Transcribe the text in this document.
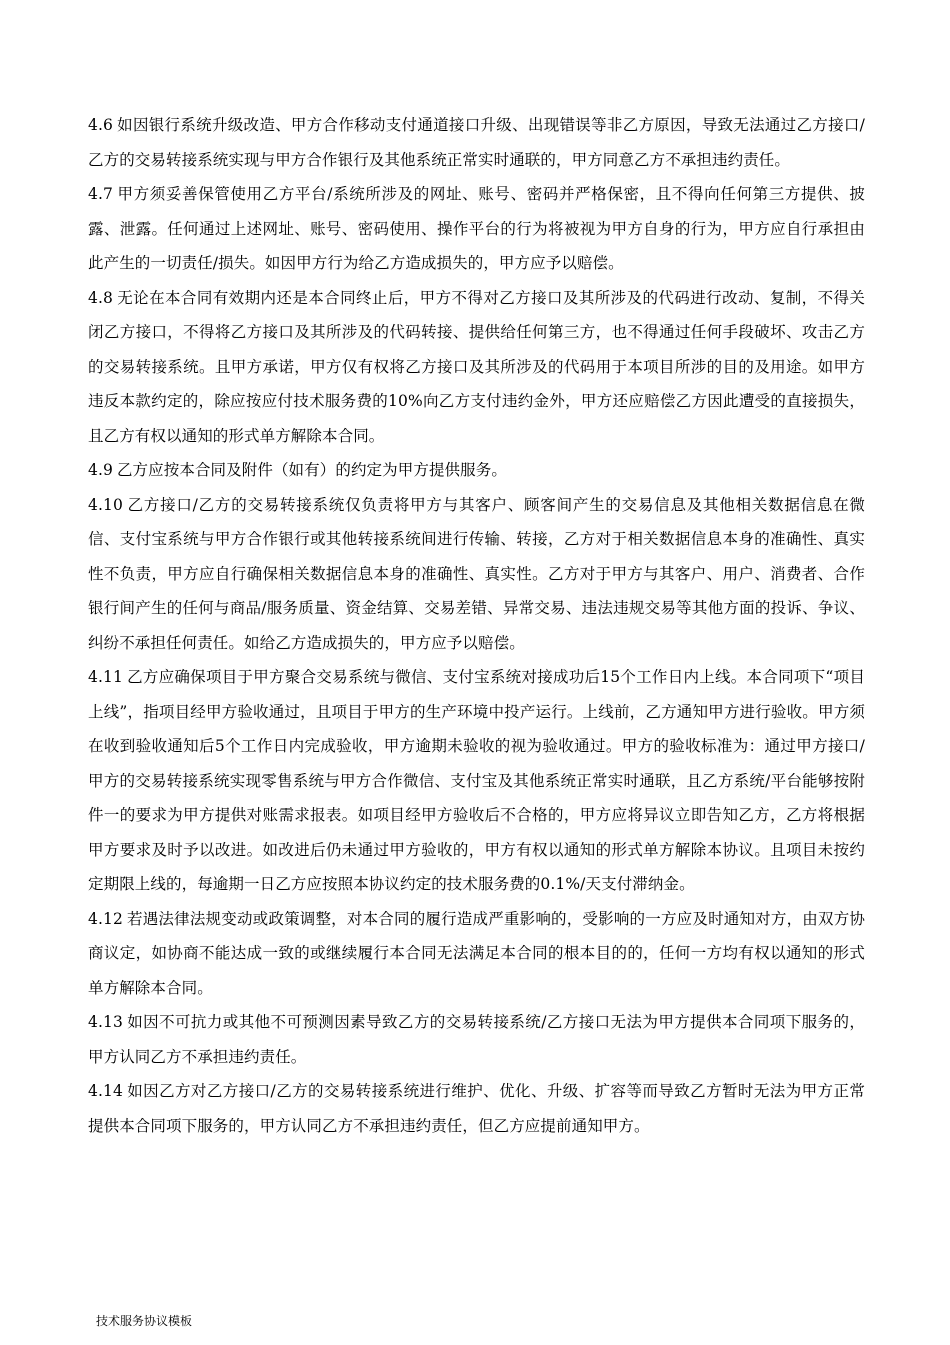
4.6 如因银行系统升级改造、甲方合作移动支付通道接口升级、出现错误等非乙方原因，导致无法通过乙方接口/乙方的交易转接系统实现与甲方合作银行及其他系统正常实时通联的，甲方同意乙方不承担违约责任。

4.7 甲方须妥善保管使用乙方平台/系统所涉及的网址、账号、密码并严格保密，且不得向任何第三方提供、披露、泄露。任何通过上述网址、账号、密码使用、操作平台的行为将被视为甲方自身的行为，甲方应自行承担由此产生的一切责任/损失。如因甲方行为给乙方造成损失的，甲方应予以赔偿。

4.8 无论在本合同有效期内还是本合同终止后，甲方不得对乙方接口及其所涉及的代码进行改动、复制，不得关闭乙方接口，不得将乙方接口及其所涉及的代码转接、提供给任何第三方，也不得通过任何手段破坏、攻击乙方的交易转接系统。且甲方承诺，甲方仅有权将乙方接口及其所涉及的代码用于本项目所涉的目的及用途。如甲方违反本款约定的，除应按应付技术服务费的10%向乙方支付违约金外，甲方还应赔偿乙方因此遭受的直接损失，且乙方有权以通知的形式单方解除本合同。

4.9 乙方应按本合同及附件（如有）的约定为甲方提供服务。

4.10 乙方接口/乙方的交易转接系统仅负责将甲方与其客户、顾客间产生的交易信息及其他相关数据信息在微信、支付宝系统与甲方合作银行或其他转接系统间进行传输、转接，乙方对于相关数据信息本身的准确性、真实性不负责，甲方应自行确保相关数据信息本身的准确性、真实性。乙方对于甲方与其客户、用户、消费者、合作银行间产生的任何与商品/服务质量、资金结算、交易差错、异常交易、违法违规交易等其他方面的投诉、争议、纠纷不承担任何责任。如给乙方造成损失的，甲方应予以赔偿。

4.11 乙方应确保项目于甲方聚合交易系统与微信、支付宝系统对接成功后15个工作日内上线。本合同项下“项目上线”，指项目经甲方验收通过，且项目于甲方的生产环境中投产运行。上线前，乙方通知甲方进行验收。甲方须在收到验收通知后5个工作日内完成验收，甲方逾期未验收的视为验收通过。甲方的验收标准为：通过甲方接口/甲方的交易转接系统实现零售系统与甲方合作微信、支付宝及其他系统正常实时通联，且乙方系统/平台能够按附件一的要求为甲方提供对账需求报表。如项目经甲方验收后不合格的，甲方应将异议立即告知乙方，乙方将根据甲方要求及时予以改进。如改进后仍未通过甲方验收的，甲方有权以通知的形式单方解除本协议。且项目未按约定期限上线的，每逾期一日乙方应按照本协议约定的技术服务费的0.1%/天支付滞纳金。

4.12 若遇法律法规变动或政策调整，对本合同的履行造成严重影响的，受影响的一方应及时通知对方，由双方协商议定，如协商不能达成一致的或继续履行本合同无法满足本合同的根本目的的，任何一方均有权以通知的形式单方解除本合同。

4.13 如因不可抗力或其他不可预测因素导致乙方的交易转接系统/乙方接口无法为甲方提供本合同项下服务的，甲方认同乙方不承担违约责任。

4.14 如因乙方对乙方接口/乙方的交易转接系统进行维护、优化、升级、扩容等而导致乙方暂时无法为甲方正常提供本合同项下服务的，甲方认同乙方不承担违约责任，但乙方应提前通知甲方。

技术服务协议模板
